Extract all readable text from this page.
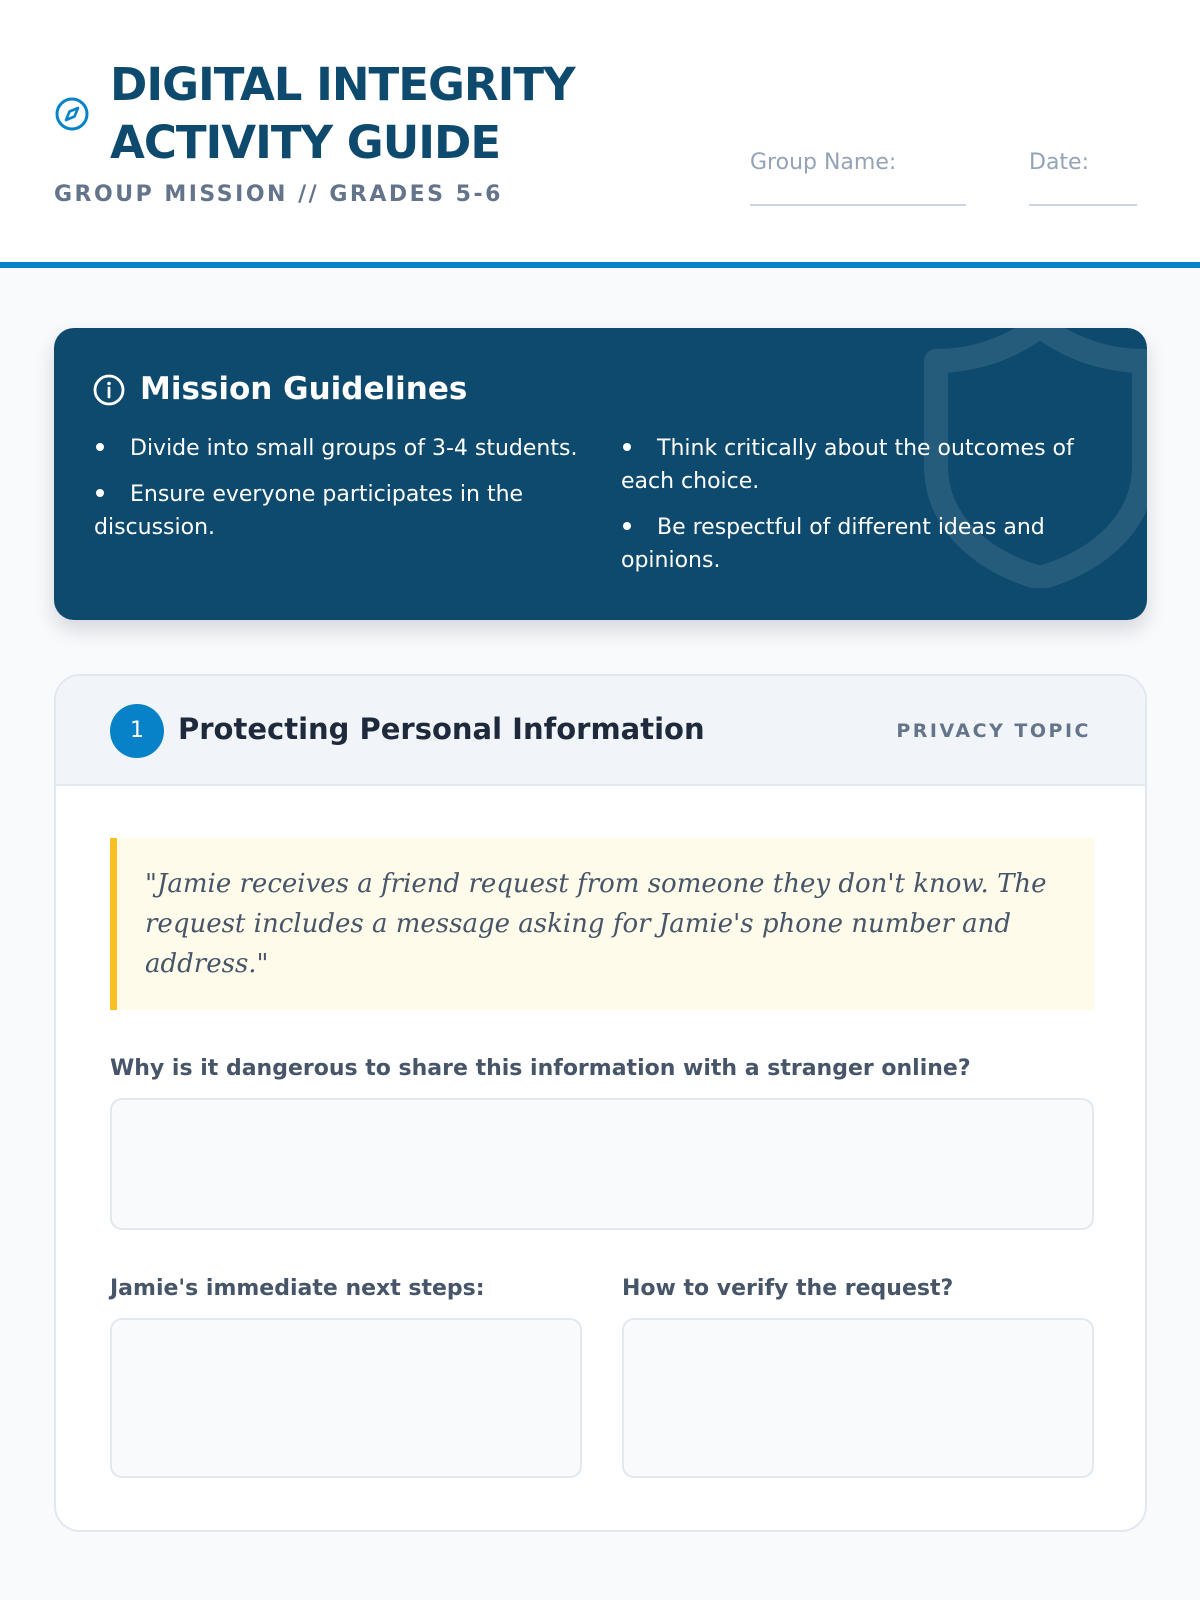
DIGITAL INTEGRITY
ACTIVITY GUIDE
GROUP MISSION // GRADES 5-6
Group Name:	Date:
Mission Guidelines
Divide into small groups of 3-4 students.
Ensure everyone participates in the discussion.
Think critically about the outcomes of each choice.
Be respectful of different ideas and opinions.
1	Protecting Personal Information	PRIVACY TOPIC
"Jamie receives a friend request from someone they don't know. The request includes a message asking for Jamie's phone number and address."
Why is it dangerous to share this information with a stranger online?
Jamie's immediate next steps:	How to verify the request?
